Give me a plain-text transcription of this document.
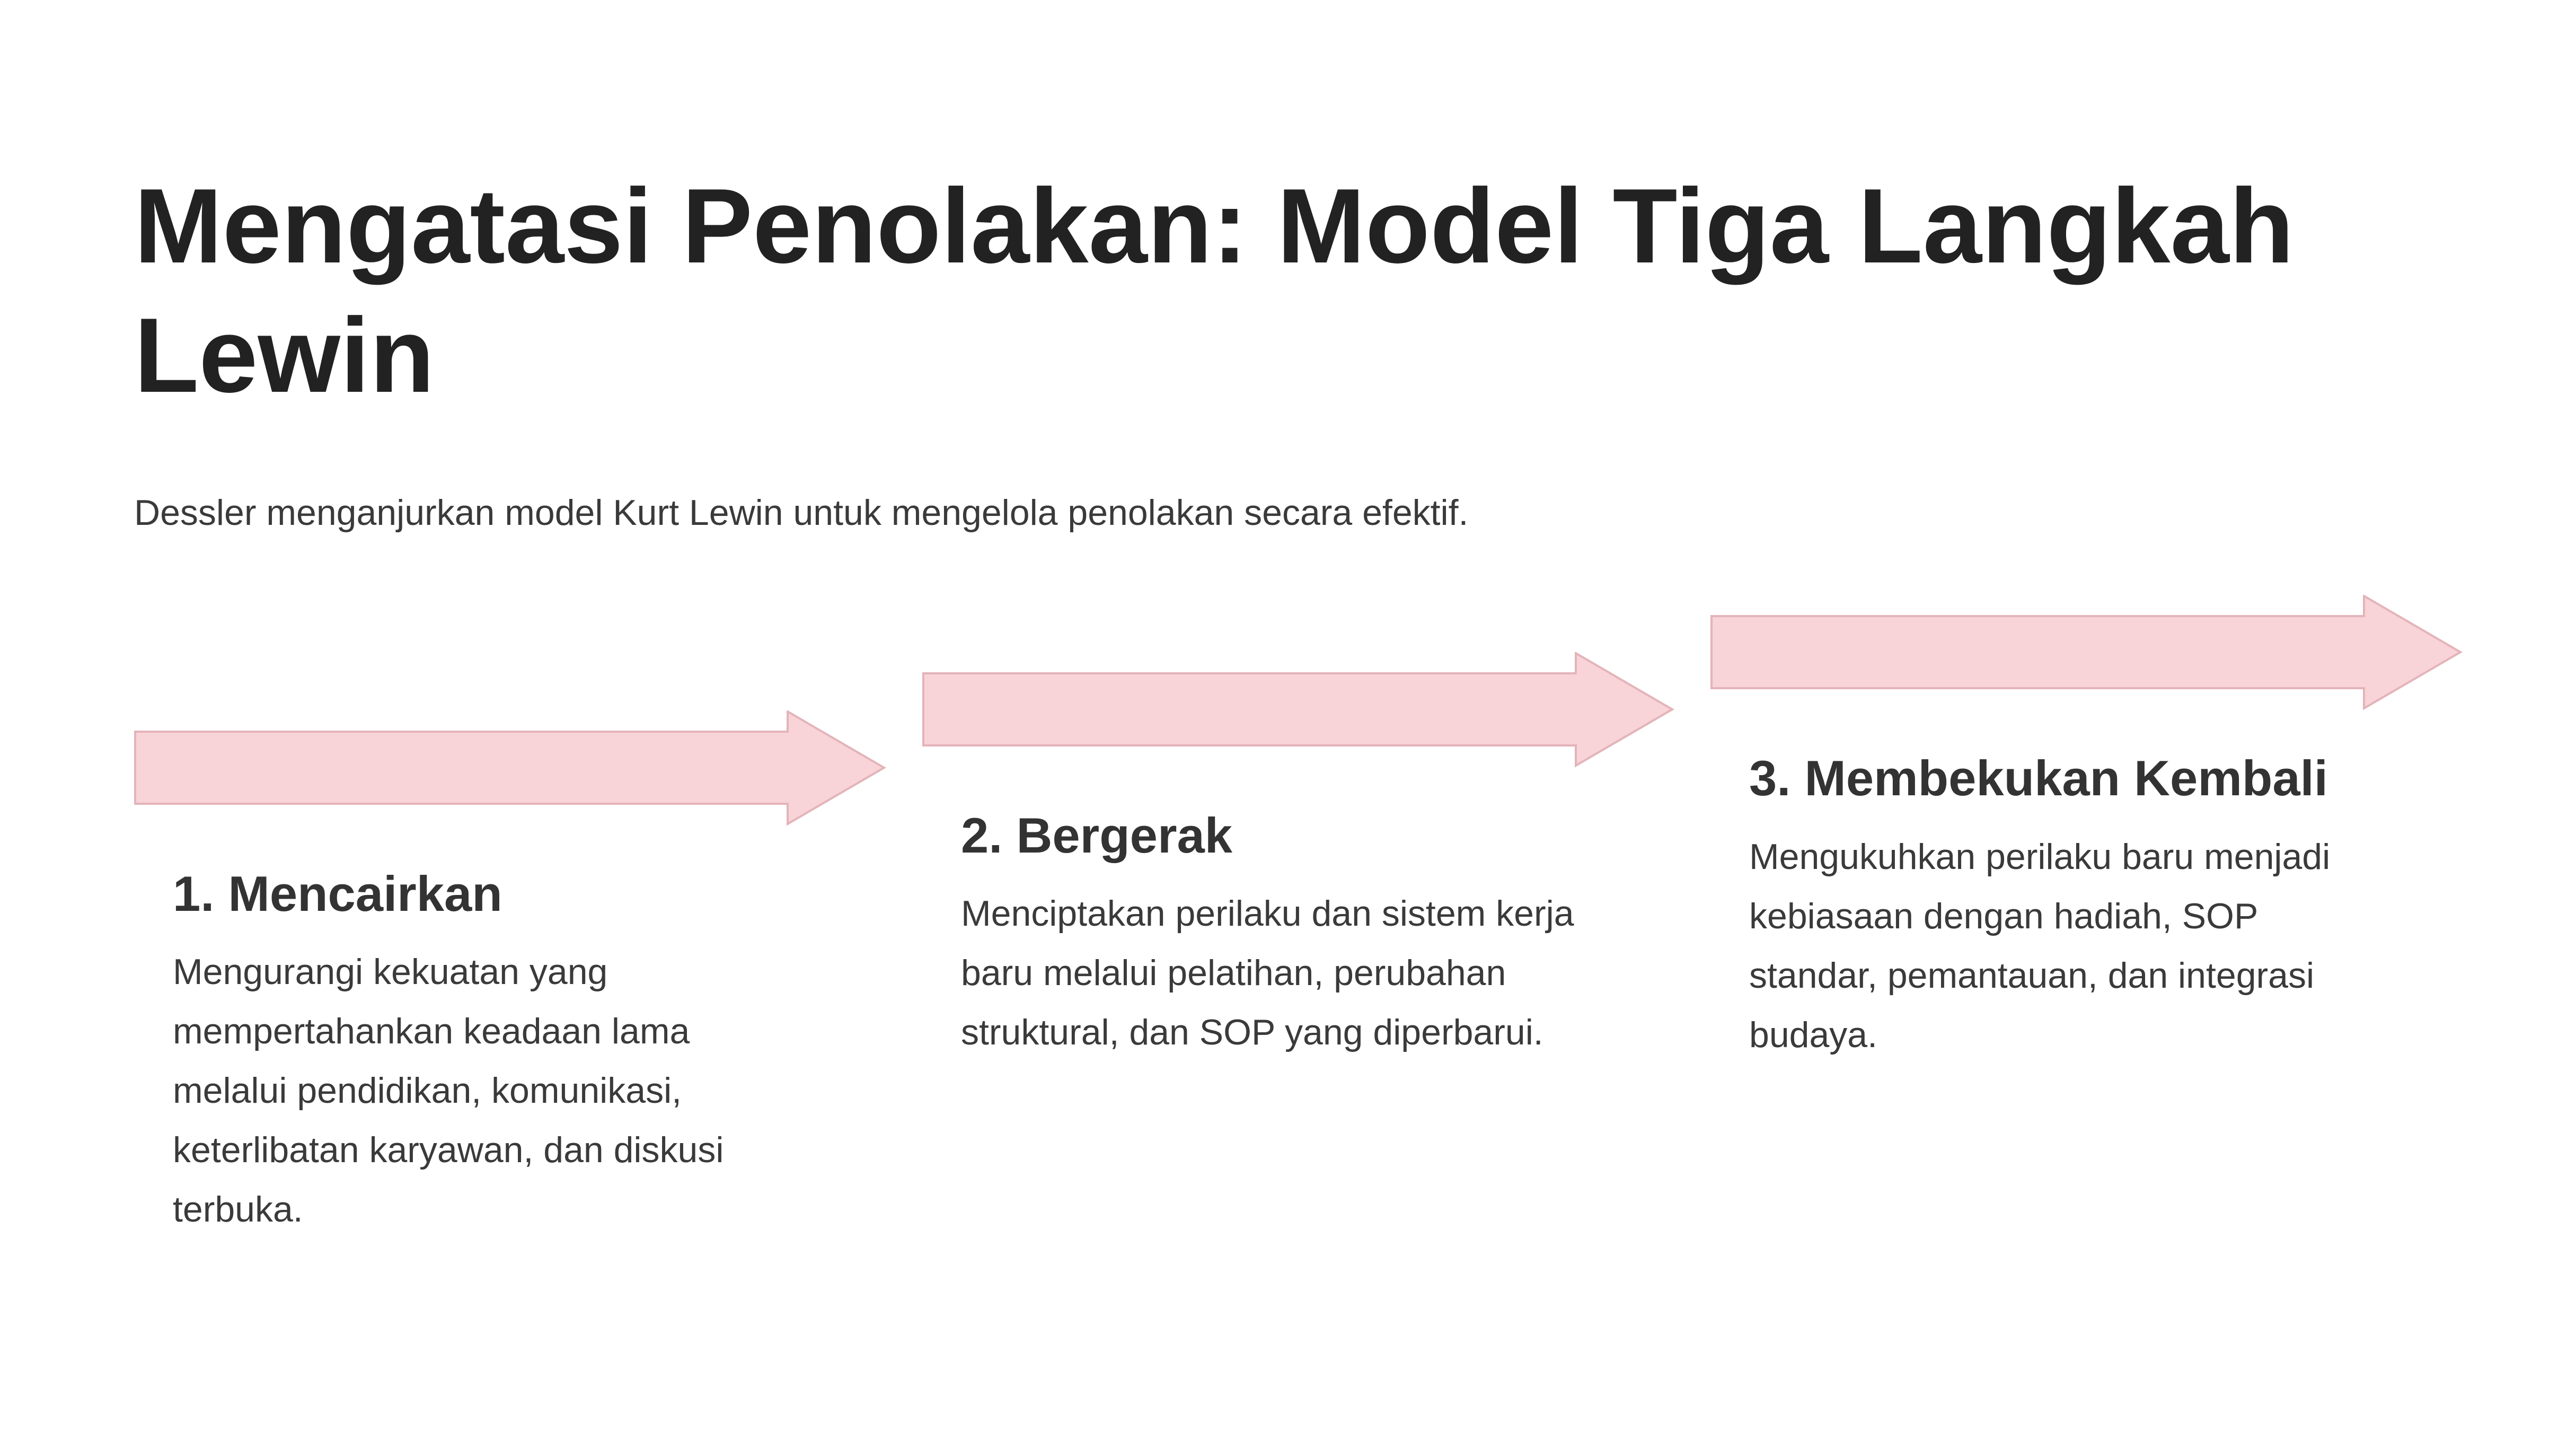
Mengatasi Penolakan: Model Tiga Langkah Lewin

Dessler menganjurkan model Kurt Lewin untuk mengelola penolakan secara efektif.

1. Mencairkan

Mengurangi kekuatan yang mempertahankan keadaan lama melalui pendidikan, komunikasi, keterlibatan karyawan, dan diskusi terbuka.

2. Bergerak

Menciptakan perilaku dan sistem kerja baru melalui pelatihan, perubahan struktural, dan SOP yang diperbarui.

3. Membekukan Kembali

Mengukuhkan perilaku baru menjadi kebiasaan dengan hadiah, SOP standar, pemantauan, dan integrasi budaya.
